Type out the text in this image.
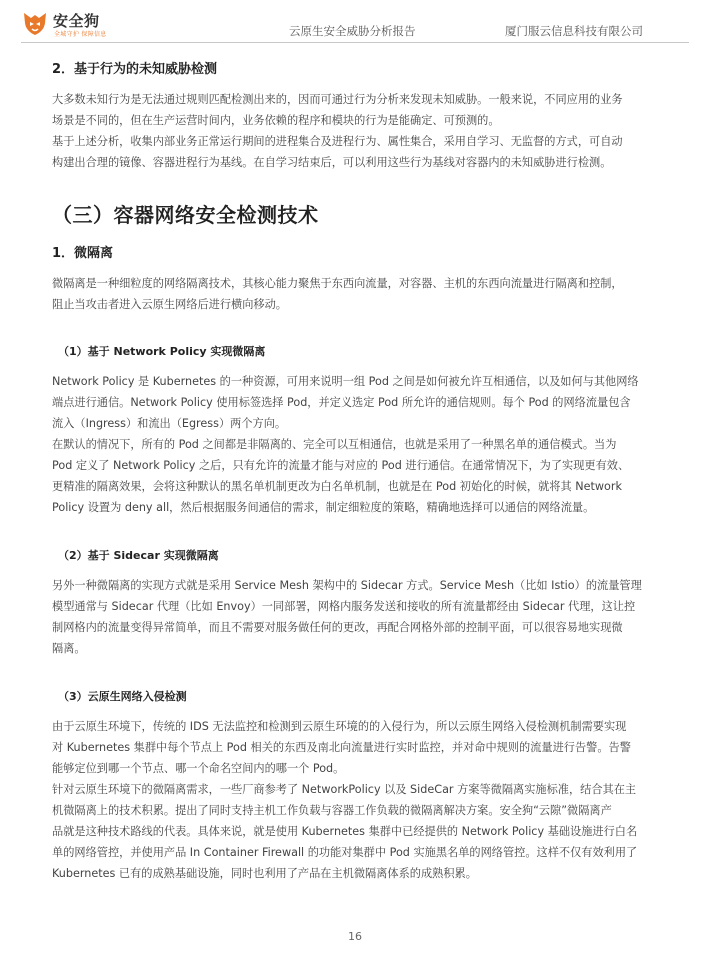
安全狗
全城守护 保障信息	云原生安全威胁分析报告	厦门服云信息科技有限公司
2．基于行为的未知威胁检测
大多数未知行为是无法通过规则匹配检测出来的，因而可通过行为分析来发现未知威胁。一般来说，不同应用的业务
场景是不同的，但在生产运营时间内，业务依赖的程序和模块的行为是能确定、可预测的。
基于上述分析，收集内部业务正常运行期间的进程集合及进程行为、属性集合，采用自学习、无监督的方式，可自动
构建出合理的镜像、容器进程行为基线。在自学习结束后，可以利用这些行为基线对容器内的未知威胁进行检测。
（三）容器网络安全检测技术
1．微隔离
微隔离是一种细粒度的网络隔离技术，其核心能力聚焦于东西向流量，对容器、主机的东西向流量进行隔离和控制，
阻止当攻击者进入云原生网络后进行横向移动。
（1）基于 Network Policy 实现微隔离
Network Policy 是 Kubernetes 的一种资源，可用来说明一组 Pod 之间是如何被允许互相通信，以及如何与其他网络
端点进行通信。Network Policy 使用标签选择 Pod，并定义选定 Pod 所允许的通信规则。每个 Pod 的网络流量包含
流入（Ingress）和流出（Egress）两个方向。
在默认的情况下，所有的 Pod 之间都是非隔离的、完全可以互相通信，也就是采用了一种黑名单的通信模式。当为
Pod 定义了 Network Policy 之后，只有允许的流量才能与对应的 Pod 进行通信。在通常情况下，为了实现更有效、
更精准的隔离效果，会将这种默认的黑名单机制更改为白名单机制，也就是在 Pod 初始化的时候，就将其 Network
Policy 设置为 deny all，然后根据服务间通信的需求，制定细粒度的策略，精确地选择可以通信的网络流量。
（2）基于 Sidecar 实现微隔离
另外一种微隔离的实现方式就是采用 Service Mesh 架构中的 Sidecar 方式。Service Mesh（比如 Istio）的流量管理
模型通常与 Sidecar 代理（比如 Envoy）一同部署，网格内服务发送和接收的所有流量都经由 Sidecar 代理，这让控
制网格内的流量变得异常简单，而且不需要对服务做任何的更改，再配合网格外部的控制平面，可以很容易地实现微
隔离。
（3）云原生网络入侵检测
由于云原生环境下，传统的 IDS 无法监控和检测到云原生环境的的入侵行为，所以云原生网络入侵检测机制需要实现
对 Kubernetes 集群中每个节点上 Pod 相关的东西及南北向流量进行实时监控，并对命中规则的流量进行告警。告警
能够定位到哪一个节点、哪一个命名空间内的哪一个 Pod。
针对云原生环境下的微隔离需求，一些厂商参考了 NetworkPolicy 以及 SideCar 方案等微隔离实施标准，结合其在主
机微隔离上的技术积累。提出了同时支持主机工作负载与容器工作负载的微隔离解决方案。安全狗“云隙”微隔离产
品就是这种技术路线的代表。具体来说，就是使用 Kubernetes 集群中已经提供的 Network Policy 基础设施进行白名
单的网络管控，并使用产品 In Container Firewall 的功能对集群中 Pod 实施黑名单的网络管控。这样不仅有效利用了
Kubernetes 已有的成熟基础设施，同时也利用了产品在主机微隔离体系的成熟积累。
16
